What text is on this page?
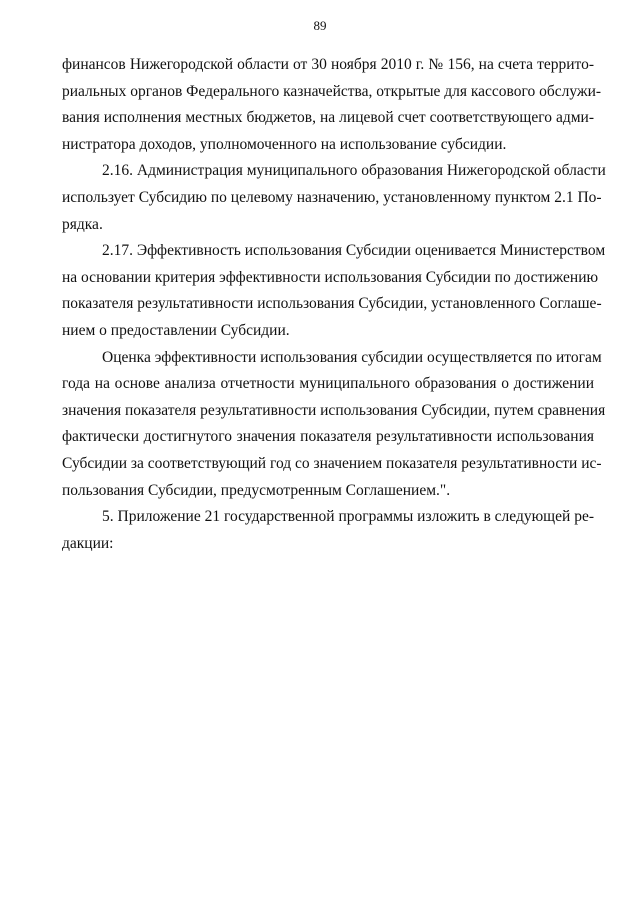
89
финансов Нижегородской области от 30 ноября 2010 г. № 156, на счета террито-
риальных органов Федерального казначейства, открытые для кассового обслужи-
вания исполнения местных бюджетов, на лицевой счет соответствующего адми-
нистратора доходов, уполномоченного на использование субсидии.
2.16. Администрация муниципального образования Нижегородской области
использует Субсидию по целевому назначению, установленному пунктом 2.1 По-
рядка.
2.17. Эффективность использования Субсидии оценивается Министерством
на основании критерия эффективности использования Субсидии по достижению
показателя результативности использования Субсидии, установленного Соглаше-
нием о предоставлении Субсидии.
Оценка эффективности использования субсидии осуществляется по итогам
года на основе анализа отчетности муниципального образования о достижении
значения показателя результативности использования Субсидии, путем сравнения
фактически достигнутого значения показателя результативности использования
Субсидии за соответствующий год со значением показателя результативности ис-
пользования Субсидии, предусмотренным Соглашением.".
5. Приложение 21 государственной программы изложить в следующей ре-
дакции:
